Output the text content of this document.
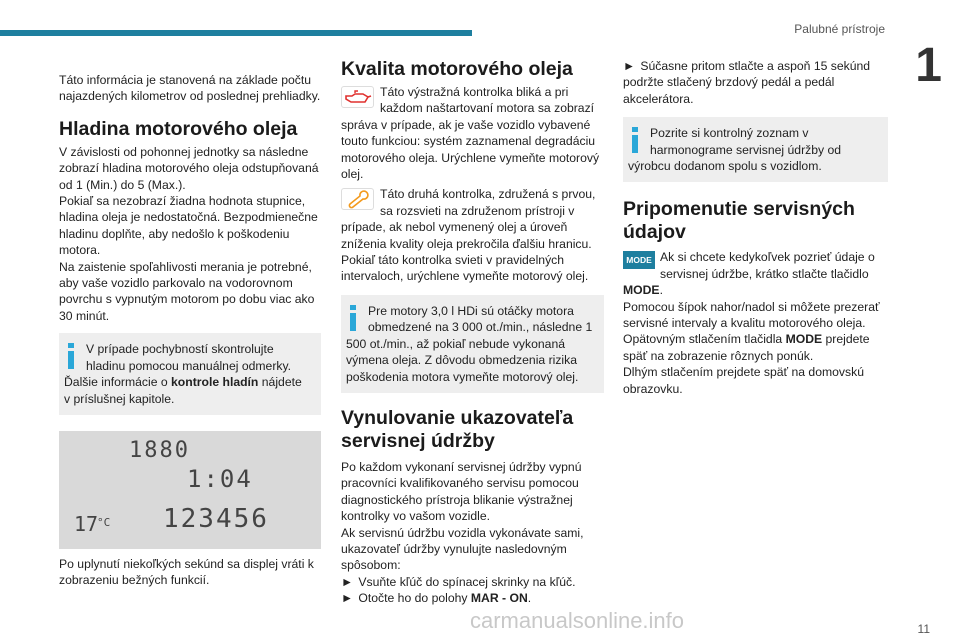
Palubné prístroje
1

Táto informácia je stanovená na základe počtu najazdených kilometrov od poslednej prehliadky.

Hladina motorového oleja

V závislosti od pohonnej jednotky sa následne zobrazí hladina motorového oleja odstupňovaná od 1 (Min.) do 5 (Max.).

Pokiaľ sa nezobrazí žiadna hodnota stupnice, hladina oleja je nedostatočná. Bezpodmienečne hladinu doplňte, aby nedošlo k poškodeniu motora.

Na zaistenie spoľahlivosti merania je potrebné, aby vaše vozidlo parkovalo na vodorovnom povrchu s vypnutým motorom po dobu viac ako 30 minút.

V prípade pochybností skontrolujte hladinu pomocou manuálnej odmerky. Ďalšie informácie o kontrole hladín nájdete v príslušnej kapitole.
1880
1:04
17
°C 123456

Po uplynutí niekoľkých sekúnd sa displej vráti k zobrazeniu bežných funkcií.

Kvalita motorového oleja
Táto výstražná kontrolka bliká a pri každom naštartovaní motora sa zobrazí správa v prípade, ak je vaše vozidlo vybavené touto funkciou: systém zaznamenal degradáciu motorového oleja. Urýchlene vymeňte motorový olej.
Táto druhá kontrolka, združená s prvou, sa rozsvieti na združenom prístroji v prípade, ak nebol vymenený olej a úroveň zníženia kvality oleja prekročila ďalšiu hranicu. Pokiaľ táto kontrolka svieti v pravidelných intervaloch, urýchlene vymeňte motorový olej.
Pre motory 3,0 l HDi sú otáčky motora obmedzené na 3 000 ot./min., následne 1 500 ot./min., až pokiaľ nebude vykonaná výmena oleja. Z dôvodu obmedzenia rizika poškodenia motora vymeňte motorový olej.
Vynulovanie ukazovateľa servisnej údržby

Po každom vykonaní servisnej údržby vypnú pracovníci kvalifikovaného servisu pomocou diagnostického prístroja blikanie výstražnej kontrolky vo vašom vozidle.

Ak servisnú údržbu vozidla vykonávate sami, ukazovateľ údržby vynulujte nasledovným spôsobom:

► Vsuňte kľúč do spínacej skrinky na kľúč.

► Otočte ho do polohy MAR - ON.

► Súčasne pritom stlačte a aspoň 15 sekúnd podržte stlačený brzdový pedál a pedál akcelerátora.

Pozrite si kontrolný zoznam v harmonograme servisnej údržby od výrobcu dodanom spolu s vozidlom.
Pripomenutie servisných údajov
MODE Ak si chcete kedykoľvek pozrieť údaje o servisnej údržbe, krátko stlačte tlačidlo MODE.

Pomocou šípok nahor/nadol si môžete prezerať servisné intervaly a kvalitu motorového oleja.

Opätovným stlačením tlačidla MODE prejdete späť na zobrazenie rôznych ponúk.

Dlhým stlačením prejdete späť na domovskú obrazovku.

11
carmanualsonline.info
